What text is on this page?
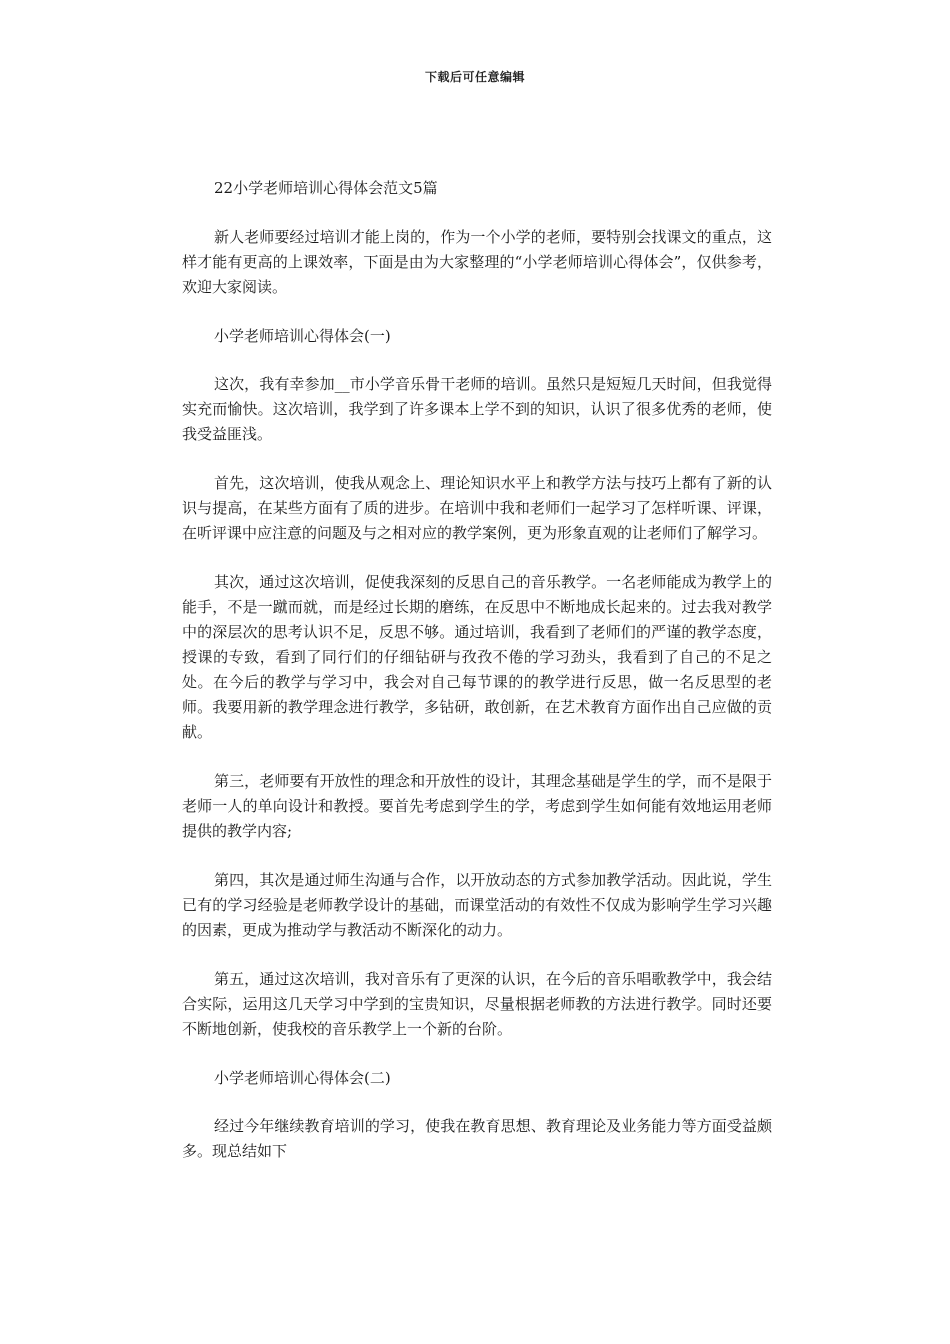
下载后可任意编辑

22小学老师培训心得体会范文5篇

新人老师要经过培训才能上岗的，作为一个小学的老师，要特别会找课文的重点，这样才能有更高的上课效率，下面是由为大家整理的“小学老师培训心得体会”，仅供参考，欢迎大家阅读。

小学老师培训心得体会(一)

这次，我有幸参加__市小学音乐骨干老师的培训。虽然只是短短几天时间，但我觉得实充而愉快。这次培训，我学到了许多课本上学不到的知识，认识了很多优秀的老师，使我受益匪浅。

首先，这次培训，使我从观念上、理论知识水平上和教学方法与技巧上都有了新的认识与提高，在某些方面有了质的进步。在培训中我和老师们一起学习了怎样听课、评课，在听评课中应注意的问题及与之相对应的教学案例，更为形象直观的让老师们了解学习。

其次，通过这次培训，促使我深刻的反思自己的音乐教学。一名老师能成为教学上的能手，不是一蹴而就，而是经过长期的磨练，在反思中不断地成长起来的。过去我对教学中的深层次的思考认识不足，反思不够。通过培训，我看到了老师们的严谨的教学态度，授课的专致，看到了同行们的仔细钻研与孜孜不倦的学习劲头，我看到了自己的不足之处。在今后的教学与学习中，我会对自己每节课的的教学进行反思，做一名反思型的老师。我要用新的教学理念进行教学，多钻研，敢创新，在艺术教育方面作出自己应做的贡献。

第三，老师要有开放性的理念和开放性的设计，其理念基础是学生的学，而不是限于老师一人的单向设计和教授。要首先考虑到学生的学，考虑到学生如何能有效地运用老师提供的教学内容;

第四，其次是通过师生沟通与合作，以开放动态的方式参加教学活动。因此说，学生已有的学习经验是老师教学设计的基础，而课堂活动的有效性不仅成为影响学生学习兴趣的因素，更成为推动学与教活动不断深化的动力。

第五，通过这次培训，我对音乐有了更深的认识，在今后的音乐唱歌教学中，我会结合实际，运用这几天学习中学到的宝贵知识，尽量根据老师教的方法进行教学。同时还要不断地创新，使我校的音乐教学上一个新的台阶。

小学老师培训心得体会(二)

经过今年继续教育培训的学习，使我在教育思想、教育理论及业务能力等方面受益颇多。现总结如下
